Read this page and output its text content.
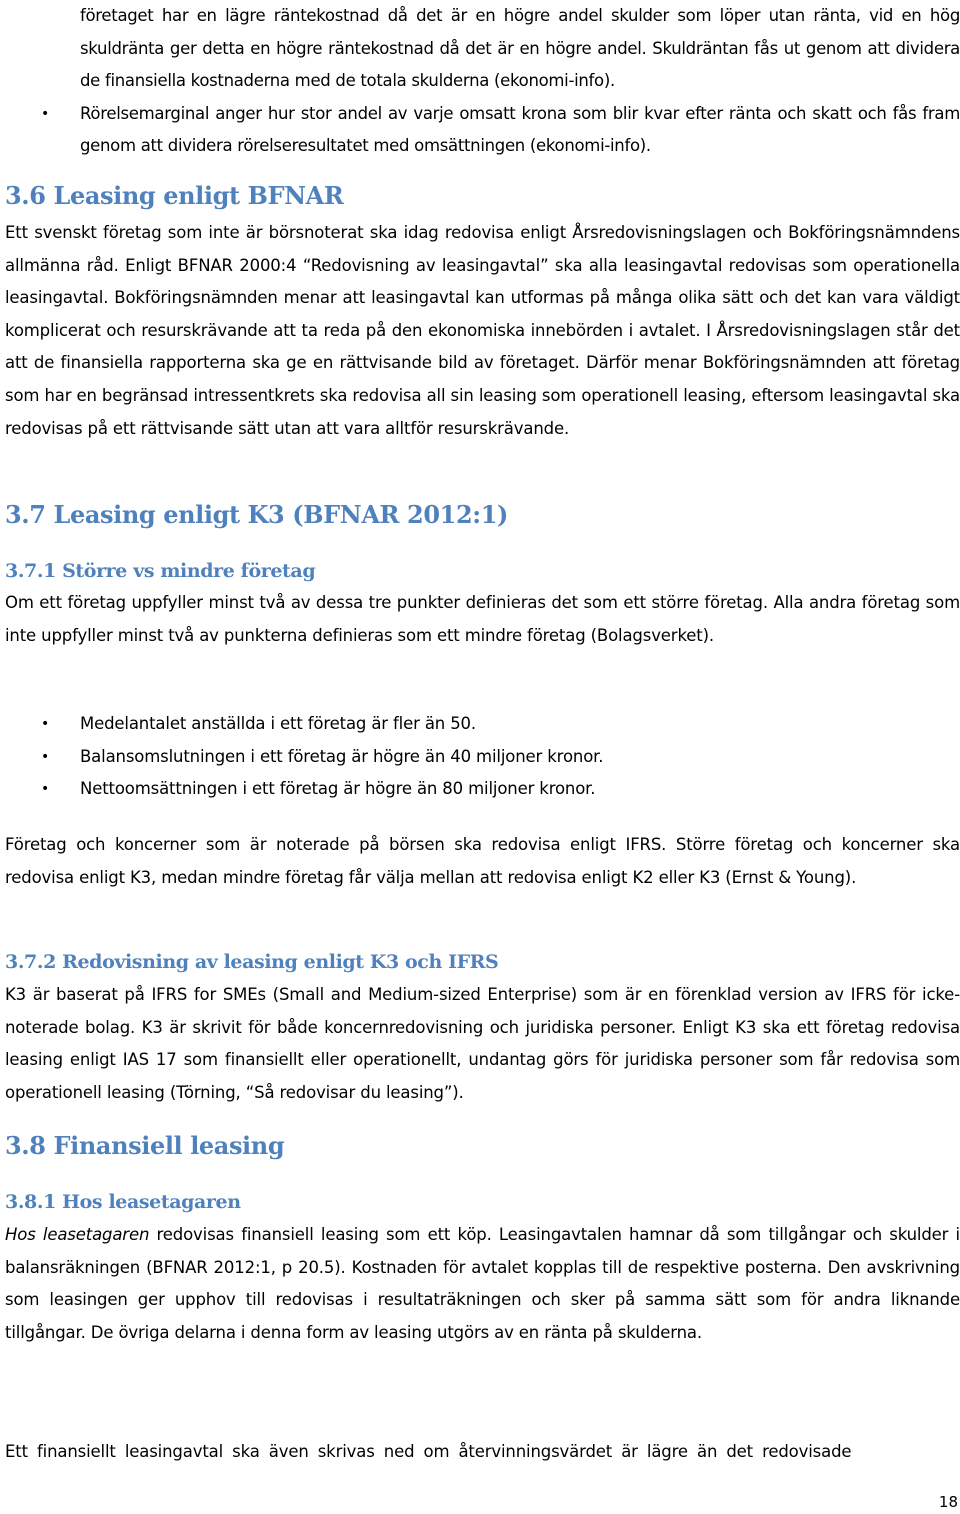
företaget har en lägre räntekostnad då det är en högre andel skulder som löper utan ränta, vid en hög skuldränta ger detta en högre räntekostnad då det är en högre andel. Skuldräntan fås ut genom att dividera de finansiella kostnaderna med de totala skulderna (ekonomi-info).
• Rörelsemarginal anger hur stor andel av varje omsatt krona som blir kvar efter ränta och skatt och fås fram genom att dividera rörelseresultatet med omsättningen (ekonomi-info).
3.6 Leasing enligt BFNAR

Ett svenskt företag som inte är börsnoterat ska idag redovisa enligt Årsredovisningslagen och Bokföringsnämndens allmänna råd. Enligt BFNAR 2000:4 “Redovisning av leasingavtal” ska alla leasingavtal redovisas som operationella leasingavtal. Bokföringsnämnden menar att leasingavtal kan utformas på många olika sätt och det kan vara väldigt komplicerat och resurskrävande att ta reda på den ekonomiska innebörden i avtalet. I Årsredovisningslagen står det att de finansiella rapporterna ska ge en rättvisande bild av företaget. Därför menar Bokföringsnämnden att företag som har en begränsad intressentkrets ska redovisa all sin leasing som operationell leasing, eftersom leasingavtal ska redovisas på ett rättvisande sätt utan att vara alltför resurskrävande.

3.7 Leasing enligt K3 (BFNAR 2012:1)
3.7.1 Större vs mindre företag

Om ett företag uppfyller minst två av dessa tre punkter definieras det som ett större företag. Alla andra företag som inte uppfyller minst två av punkterna definieras som ett mindre företag (Bolagsverket).

• Medelantalet anställda i ett företag är fler än 50.
• Balansomslutningen i ett företag är högre än 40 miljoner kronor.
• Nettoomsättningen i ett företag är högre än 80 miljoner kronor.

Företag och koncerner som är noterade på börsen ska redovisa enligt IFRS. Större företag och koncerner ska redovisa enligt K3, medan mindre företag får välja mellan att redovisa enligt K2 eller K3 (Ernst & Young).

3.7.2 Redovisning av leasing enligt K3 och IFRS

K3 är baserat på IFRS for SMEs (Small and Medium-sized Enterprise) som är en förenklad version av IFRS för icke-noterade bolag. K3 är skrivit för både koncernredovisning och juridiska personer. Enligt K3 ska ett företag redovisa leasing enligt IAS 17 som finansiellt eller operationellt, undantag görs för juridiska personer som får redovisa som operationell leasing (Törning, “Så redovisar du leasing”).

3.8 Finansiell leasing
3.8.1 Hos leasetagaren

Hos leasetagaren redovisas finansiell leasing som ett köp. Leasingavtalen hamnar då som tillgångar och skulder i balansräkningen (BFNAR 2012:1, p 20.5). Kostnaden för avtalet kopplas till de respektive posterna. Den avskrivning som leasingen ger upphov till redovisas i resultaträkningen och sker på samma sätt som för andra liknande tillgångar. De övriga delarna i denna form av leasing utgörs av en ränta på skulderna.

Ett finansiellt leasingavtal ska även skrivas ned om återvinningsvärdet är lägre än det redovisade

18
